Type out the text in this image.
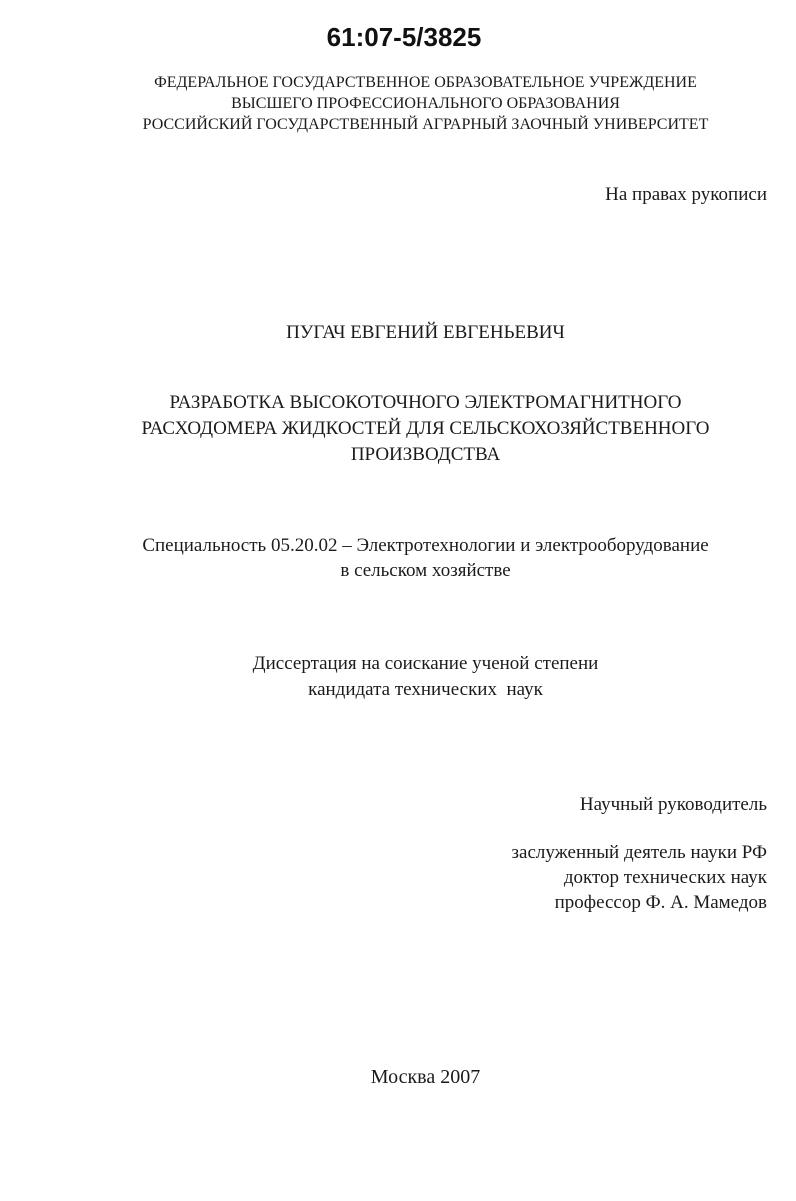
61:07-5/3825
ФЕДЕРАЛЬНОЕ ГОСУДАРСТВЕННОЕ ОБРАЗОВАТЕЛЬНОЕ УЧРЕЖДЕНИЕ
ВЫСШЕГО ПРОФЕССИОНАЛЬНОГО ОБРАЗОВАНИЯ
РОССИЙСКИЙ ГОСУДАРСТВЕННЫЙ АГРАРНЫЙ ЗАОЧНЫЙ УНИВЕРСИТЕТ
На правах рукописи
ПУГАЧ ЕВГЕНИЙ ЕВГЕНЬЕВИЧ
РАЗРАБОТКА ВЫСОКОТОЧНОГО ЭЛЕКТРОМАГНИТНОГО
РАСХОДОМЕРА ЖИДКОСТЕЙ ДЛЯ СЕЛЬСКОХОЗЯЙСТВЕННОГО
ПРОИЗВОДСТВА
Специальность 05.20.02 – Электротехнологии и электрооборудование
в сельском хозяйстве
Диссертация на соискание ученой степени
кандидата технических  наук
Научный руководитель
заслуженный деятель науки РФ
доктор технических наук
профессор Ф. А. Мамедов
Москва 2007
